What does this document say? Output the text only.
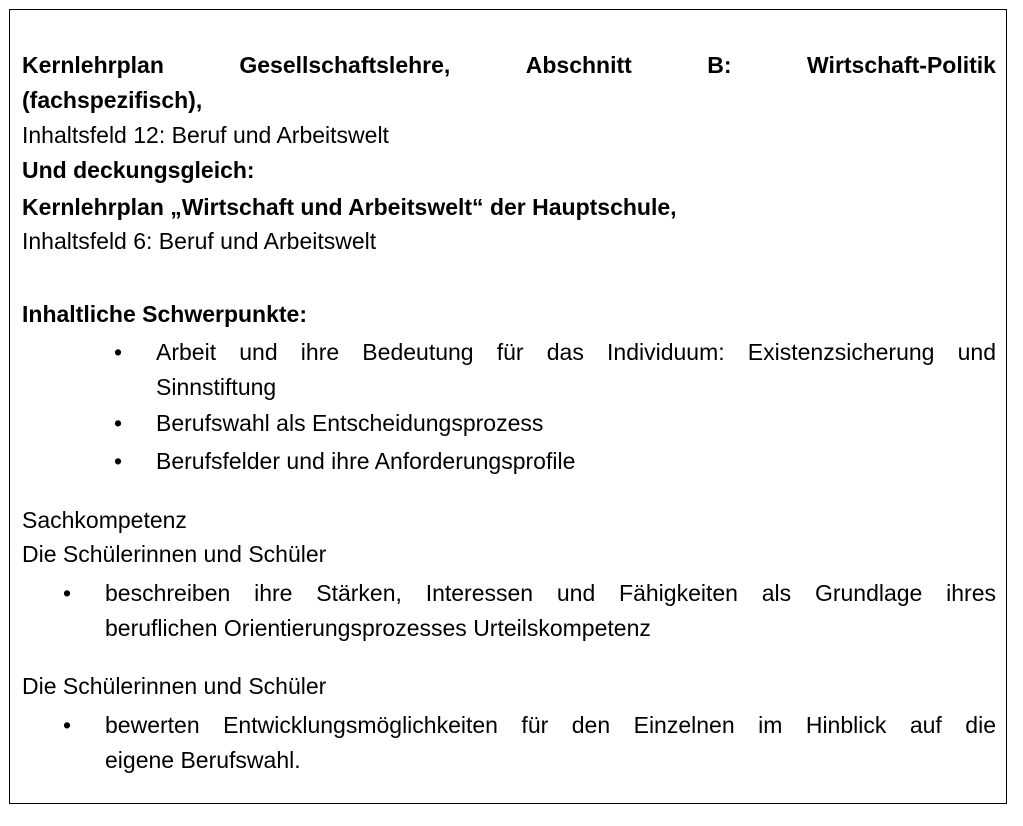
Kernlehrplan	Gesellschaftslehre,	Abschnitt	B:	Wirtschaft-Politik
(fachspezifisch),
Inhaltsfeld 12: Beruf und Arbeitswelt
Und deckungsgleich:
Kernlehrplan „Wirtschaft und Arbeitswelt“ der Hauptschule,
Inhaltsfeld 6: Beruf und Arbeitswelt
Inhaltliche Schwerpunkte:
•	Arbeit und ihre Bedeutung für das Individuum: Existenzsicherung und
Sinnstiftung
•	Berufswahl als Entscheidungsprozess
•	Berufsfelder und ihre Anforderungsprofile
Sachkompetenz
Die Schülerinnen und Schüler
•	beschreiben ihre Stärken, Interessen und Fähigkeiten als Grundlage ihres
beruflichen Orientierungsprozesses Urteilskompetenz
Die Schülerinnen und Schüler
•	bewerten Entwicklungsmöglichkeiten für den Einzelnen im Hinblick auf die
eigene Berufswahl.
